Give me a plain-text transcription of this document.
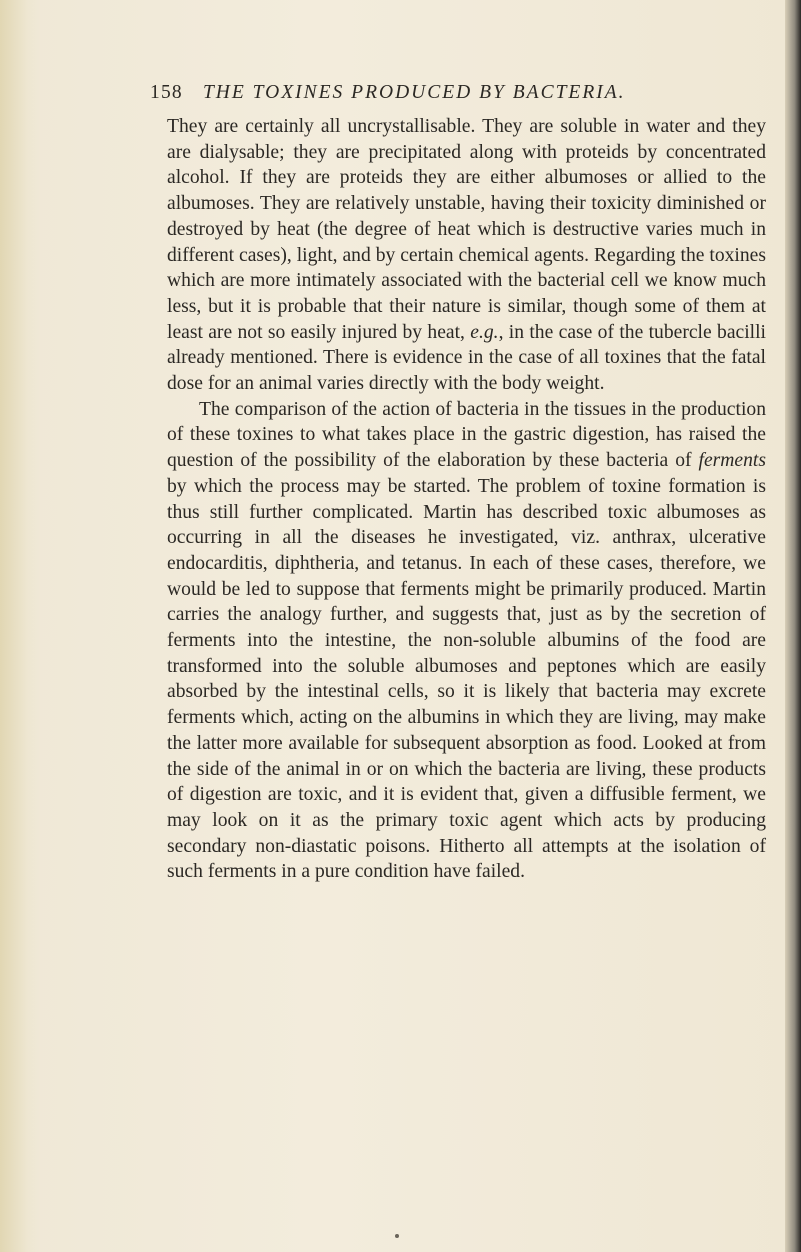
158 THE TOXINES PRODUCED BY BACTERIA.

They are certainly all uncrystallisable. They are soluble in water and they are dialysable; they are precipitated along with proteids by concentrated alcohol. If they are proteids they are either albumoses or allied to the albumoses. They are relatively unstable, having their toxicity diminished or destroyed by heat (the degree of heat which is destructive varies much in different cases), light, and by certain chemical agents. Regarding the toxines which are more intimately associated with the bacterial cell we know much less, but it is probable that their nature is similar, though some of them at least are not so easily injured by heat, e.g., in the case of the tubercle bacilli already mentioned. There is evidence in the case of all toxines that the fatal dose for an animal varies directly with the body weight.

The comparison of the action of bacteria in the tissues in the production of these toxines to what takes place in the gastric digestion, has raised the question of the possibility of the elaboration by these bacteria of ferments by which the process may be started. The problem of toxine formation is thus still further complicated. Martin has described toxic albumoses as occurring in all the diseases he investigated, viz. anthrax, ulcerative endocarditis, diphtheria, and tetanus. In each of these cases, therefore, we would be led to suppose that ferments might be primarily produced. Martin carries the analogy further, and suggests that, just as by the secretion of ferments into the intestine, the non-soluble albumins of the food are transformed into the soluble albumoses and peptones which are easily absorbed by the intestinal cells, so it is likely that bacteria may excrete ferments which, acting on the albumins in which they are living, may make the latter more available for subsequent absorption as food. Looked at from the side of the animal in or on which the bacteria are living, these products of digestion are toxic, and it is evident that, given a diffusible ferment, we may look on it as the primary toxic agent which acts by producing secondary non-diastatic poisons. Hitherto all attempts at the isolation of such ferments in a pure condition have failed.
